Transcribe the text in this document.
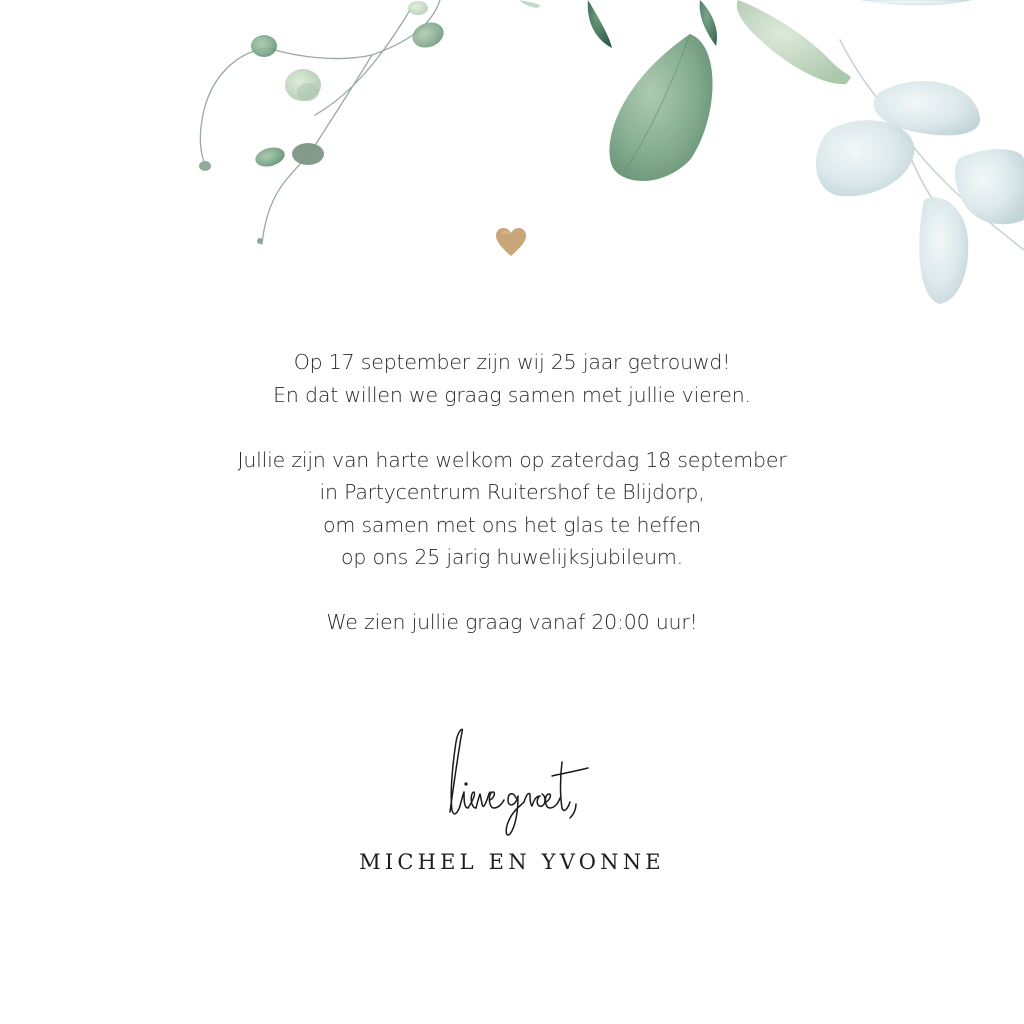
Op 17 september zijn wij 25 jaar getrouwd!
En dat willen we graag samen met jullie vieren.
Jullie zijn van harte welkom op zaterdag 18 september
in Partycentrum Ruitershof te Blijdorp,
om samen met ons het glas te heffen
op ons 25 jarig huwelijksjubileum.
We zien jullie graag vanaf 20:00 uur!
MICHEL EN YVONNE
